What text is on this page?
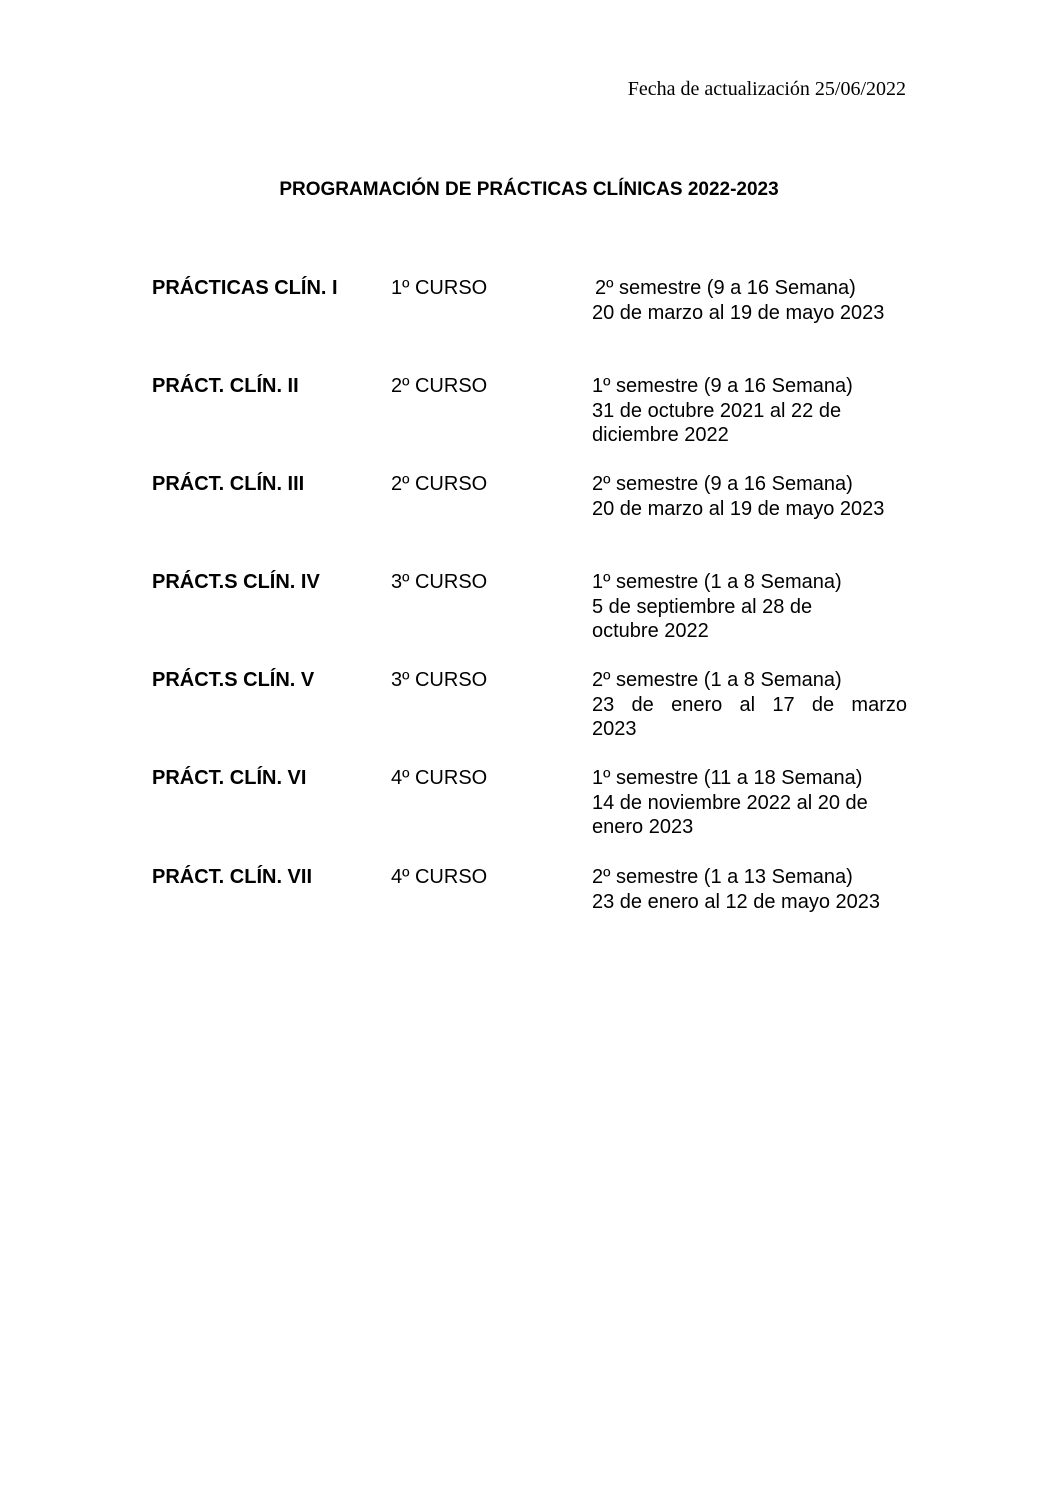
Fecha de actualización 25/06/2022
PROGRAMACIÓN DE PRÁCTICAS CLÍNICAS 2022-2023
PRÁCTICAS CLÍN. I	1º CURSO	2º semestre (9 a 16 Semana)
20 de marzo al 19 de mayo 2023
PRÁCT. CLÍN. II	2º CURSO	1º semestre (9 a 16 Semana)
31 de octubre 2021 al 22 de
diciembre 2022
PRÁCT. CLÍN. III	2º CURSO	2º semestre (9 a 16 Semana)
20 de marzo al 19 de mayo 2023
PRÁCT.S CLÍN. IV	3º CURSO	1º semestre (1 a 8 Semana)
5 de septiembre al 28 de
octubre 2022
PRÁCT.S CLÍN. V	3º CURSO	2º semestre (1 a 8 Semana)
23 de enero al 17 de marzo
2023
PRÁCT. CLÍN. VI	4º CURSO	1º semestre (11 a 18 Semana)
14 de noviembre 2022 al 20 de
enero 2023
PRÁCT. CLÍN. VII	4º CURSO	2º semestre (1 a 13 Semana)
23 de enero al 12 de mayo 2023
